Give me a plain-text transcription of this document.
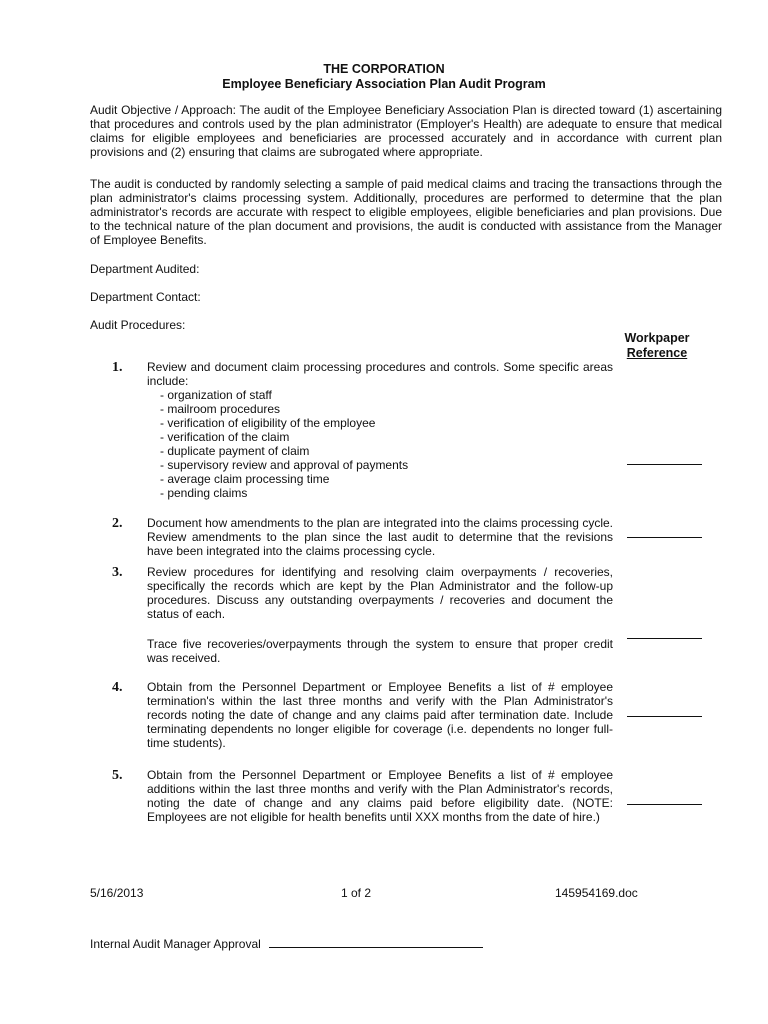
THE CORPORATION
Employee Beneficiary Association Plan Audit Program

Audit Objective / Approach: The audit of the Employee Beneficiary Association Plan is directed toward (1) ascertaining that procedures and controls used by the plan administrator (Employer's Health) are adequate to ensure that medical claims for eligible employees and beneficiaries are processed accurately and in accordance with current plan provisions and (2) ensuring that claims are subrogated where appropriate.

The audit is conducted by randomly selecting a sample of paid medical claims and tracing the transactions through the plan administrator's claims processing system. Additionally, procedures are performed to determine that the plan administrator's records are accurate with respect to eligible employees, eligible beneficiaries and plan provisions. Due to the technical nature of the plan document and provisions, the audit is conducted with assistance from the Manager of Employee Benefits.

Department Audited:

Department Contact:

Audit Procedures:

Workpaper
Reference
1. Review and document claim processing procedures and controls. Some specific areas include:
- organization of staff
- mailroom procedures
- verification of eligibility of the employee
- verification of the claim
- duplicate payment of claim
- supervisory review and approval of payments
- average claim processing time
- pending claims
2. Document how amendments to the plan are integrated into the claims processing cycle. Review amendments to the plan since the last audit to determine that the revisions have been integrated into the claims processing cycle.

3. Review procedures for identifying and resolving claim overpayments / recoveries, specifically the records which are kept by the Plan Administrator and the follow-up procedures. Discuss any outstanding overpayments / recoveries and document the status of each.

Trace five recoveries/overpayments through the system to ensure that proper credit was received.

4. Obtain from the Personnel Department or Employee Benefits a list of # employee termination's within the last three months and verify with the Plan Administrator's records noting the date of change and any claims paid after termination date. Include terminating dependents no longer eligible for coverage (i.e. dependents no longer full-time students).

5. Obtain from the Personnel Department or Employee Benefits a list of # employee additions within the last three months and verify with the Plan Administrator's records, noting the date of change and any claims paid before eligibility date. (NOTE: Employees are not eligible for health benefits until XXX months from the date of hire.)

5/16/2013	1 of 2	145954169.doc

Internal Audit Manager Approval
